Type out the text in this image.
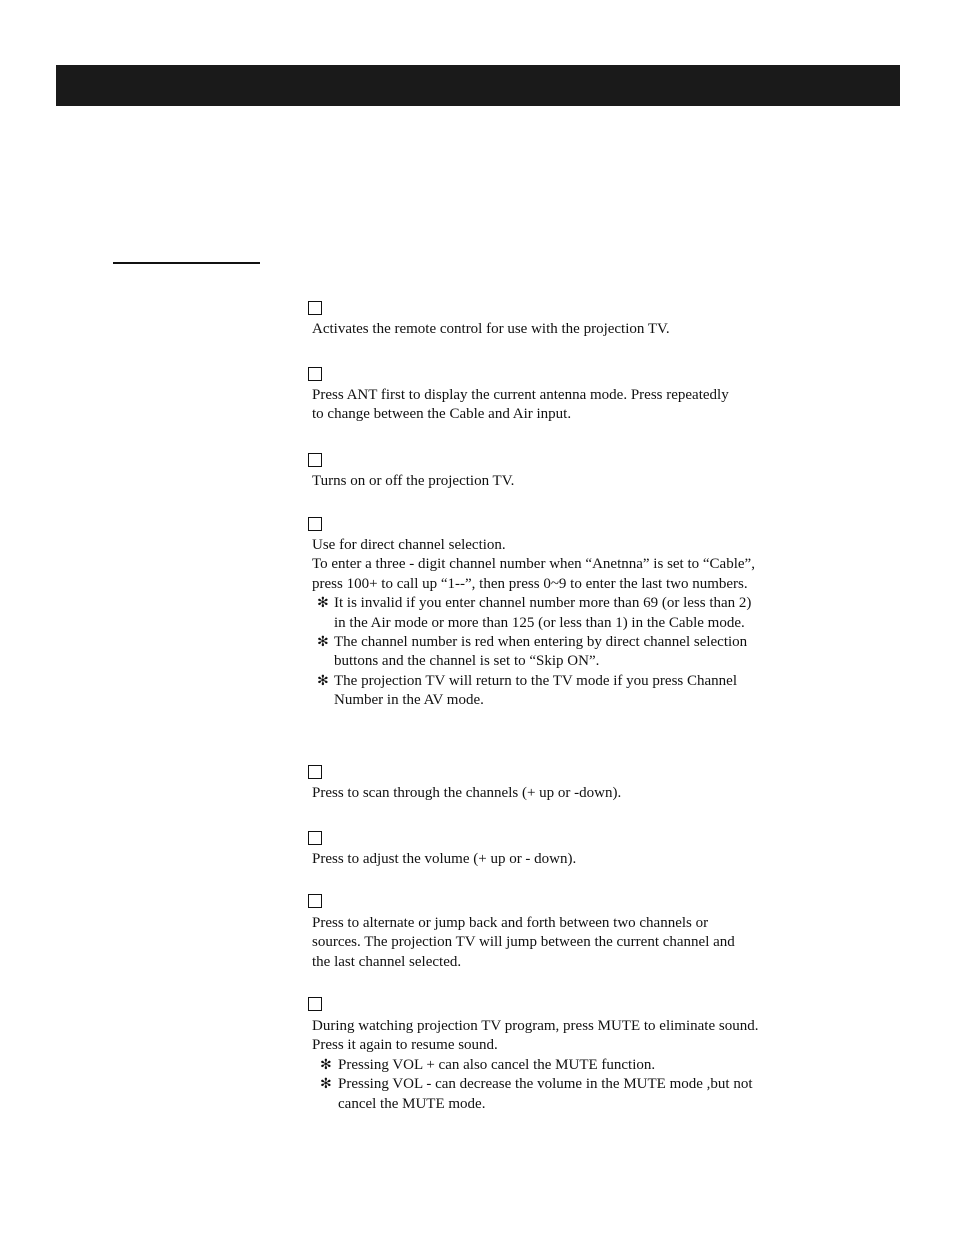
Activates the remote control for use with the projection TV.
Press ANT first to display the current antenna mode. Press repeatedly
to change between the Cable and Air input.
Turns on or off the projection TV.
Use for direct channel selection.
To enter a three - digit channel number when “Anetnna” is set to “Cable”,
press 100+ to call up “1--”, then press 0~9 to enter the last two numbers.
✻ It is invalid if you enter channel number more than 69 (or less than 2)
in the Air mode or more than 125 (or less than 1) in the Cable mode.
✻ The channel number is red when entering by direct channel selection
buttons and the channel is set to “Skip ON”.
✻ The projection TV will return to the TV mode if you press Channel
Number in the AV mode.
Press to scan through the channels (+ up or -down).
Press to adjust the volume (+ up or - down).
Press to alternate or jump back and forth between two channels or
sources. The projection TV will jump between the current channel and
the last channel selected.
During watching projection TV program, press MUTE to eliminate sound.
Press it again to resume sound.
✻ Pressing VOL + can also cancel the MUTE function.
✻ Pressing VOL - can decrease the volume in the MUTE mode ,but not
cancel the MUTE mode.
